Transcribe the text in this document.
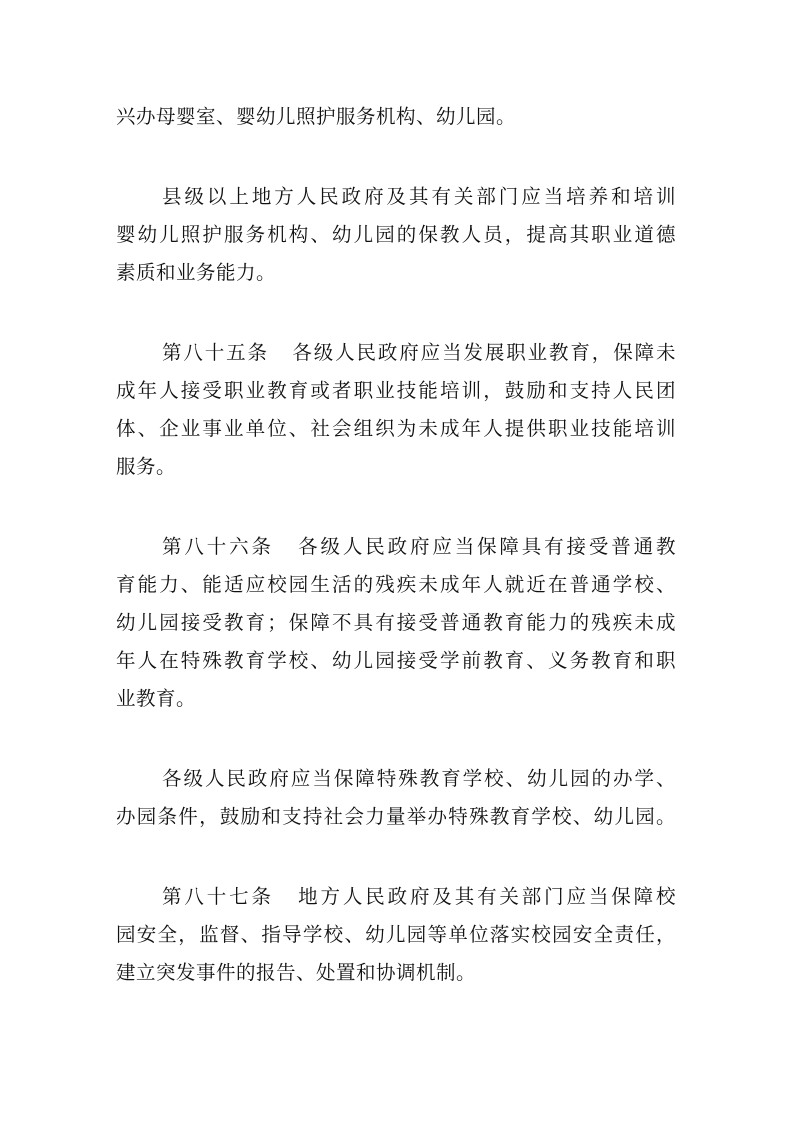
兴办母婴室、婴幼儿照护服务机构、幼儿园。
县级以上地方人民政府及其有关部门应当培养和培训
婴幼儿照护服务机构、幼儿园的保教人员，提高其职业道德
素质和业务能力。
第八十五条 各级人民政府应当发展职业教育，保障未
成年人接受职业教育或者职业技能培训，鼓励和支持人民团
体、企业事业单位、社会组织为未成年人提供职业技能培训
服务。
第八十六条 各级人民政府应当保障具有接受普通教
育能力、能适应校园生活的残疾未成年人就近在普通学校、
幼儿园接受教育；保障不具有接受普通教育能力的残疾未成
年人在特殊教育学校、幼儿园接受学前教育、义务教育和职
业教育。
各级人民政府应当保障特殊教育学校、幼儿园的办学、
办园条件，鼓励和支持社会力量举办特殊教育学校、幼儿园。
第八十七条 地方人民政府及其有关部门应当保障校
园安全，监督、指导学校、幼儿园等单位落实校园安全责任，
建立突发事件的报告、处置和协调机制。
